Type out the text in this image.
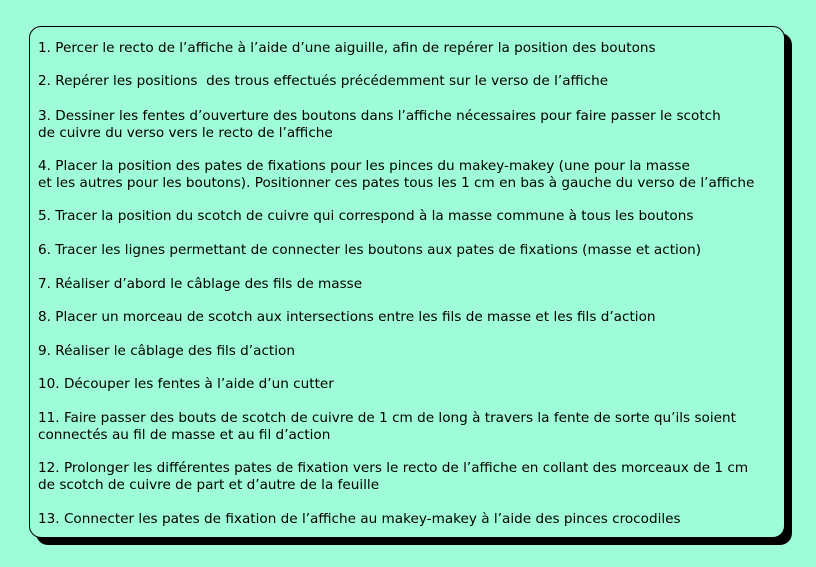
1. Percer le recto de l’affiche à l’aide d’une aiguille, afin de repérer la position des boutons
2. Repérer les positions  des trous effectués précédemment sur le verso de l’affiche
3. Dessiner les fentes d’ouverture des boutons dans l’affiche nécessaires pour faire passer le scotch
de cuivre du verso vers le recto de l’affiche
4. Placer la position des pates de fixations pour les pinces du makey-makey (une pour la masse
et les autres pour les boutons). Positionner ces pates tous les 1 cm en bas à gauche du verso de l’affiche
5. Tracer la position du scotch de cuivre qui correspond à la masse commune à tous les boutons
6. Tracer les lignes permettant de connecter les boutons aux pates de fixations (masse et action)
7. Réaliser d’abord le câblage des fils de masse
8. Placer un morceau de scotch aux intersections entre les fils de masse et les fils d’action
9. Réaliser le câblage des fils d’action
10. Découper les fentes à l’aide d’un cutter
11. Faire passer des bouts de scotch de cuivre de 1 cm de long à travers la fente de sorte qu’ils soient
connectés au fil de masse et au fil d’action
12. Prolonger les différentes pates de fixation vers le recto de l’affiche en collant des morceaux de 1 cm
de scotch de cuivre de part et d’autre de la feuille
13. Connecter les pates de fixation de l’affiche au makey-makey à l’aide des pinces crocodiles
